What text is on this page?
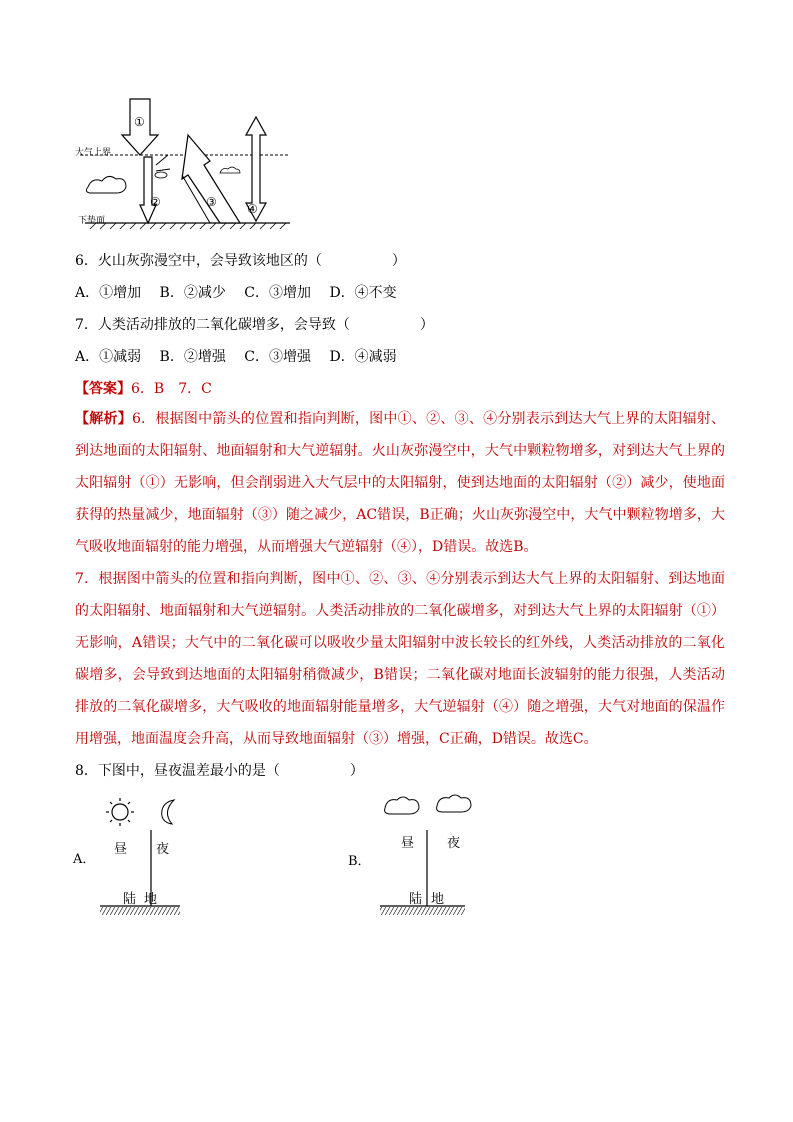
大气上界
下垫面
①
②	③	④
6．火山灰弥漫空中，会导致该地区的（　　　　　）
A．①增加　 B．②减少　 C．③增加　 D．④不变
7．人类活动排放的二氧化碳增多，会导致（　　　　　）
A．①减弱　 B．②增强　 C．③增强　 D．④减弱
【答案】6．B　7．C

【解析】6．根据图中箭头的位置和指向判断，图中①、②、③、④分别表示到达大气上界的太阳辐射、到达地面的太阳辐射、地面辐射和大气逆辐射。火山灰弥漫空中，大气中颗粒物增多，对到达大气上界的太阳辐射（①）无影响，但会削弱进入大气层中的太阳辐射，使到达地面的太阳辐射（②）减少，使地面获得的热量减少，地面辐射（③）随之减少，AC错误，B正确；火山灰弥漫空中，大气中颗粒物增多，大气吸收地面辐射的能力增强，从而增强大气逆辐射（④），D错误。故选B。

7．根据图中箭头的位置和指向判断，图中①、②、③、④分别表示到达大气上界的太阳辐射、到达地面的太阳辐射、地面辐射和大气逆辐射。人类活动排放的二氧化碳增多，对到达大气上界的太阳辐射（①）无影响，A错误；大气中的二氧化碳可以吸收少量太阳辐射中波长较长的红外线，人类活动排放的二氧化碳增多，会导致到达地面的太阳辐射稍微减少，B错误；二氧化碳对地面长波辐射的能力很强，人类活动排放的二氧化碳增多，大气吸收的地面辐射能量增多，大气逆辐射（④）随之增强，大气对地面的保温作用增强，地面温度会升高，从而导致地面辐射（③）增强，C正确，D错误。故选C。

8．下图中，昼夜温差最小的是（　　　　　）
昼 夜
陆 地
A．
昼	夜
陆 地
B．
